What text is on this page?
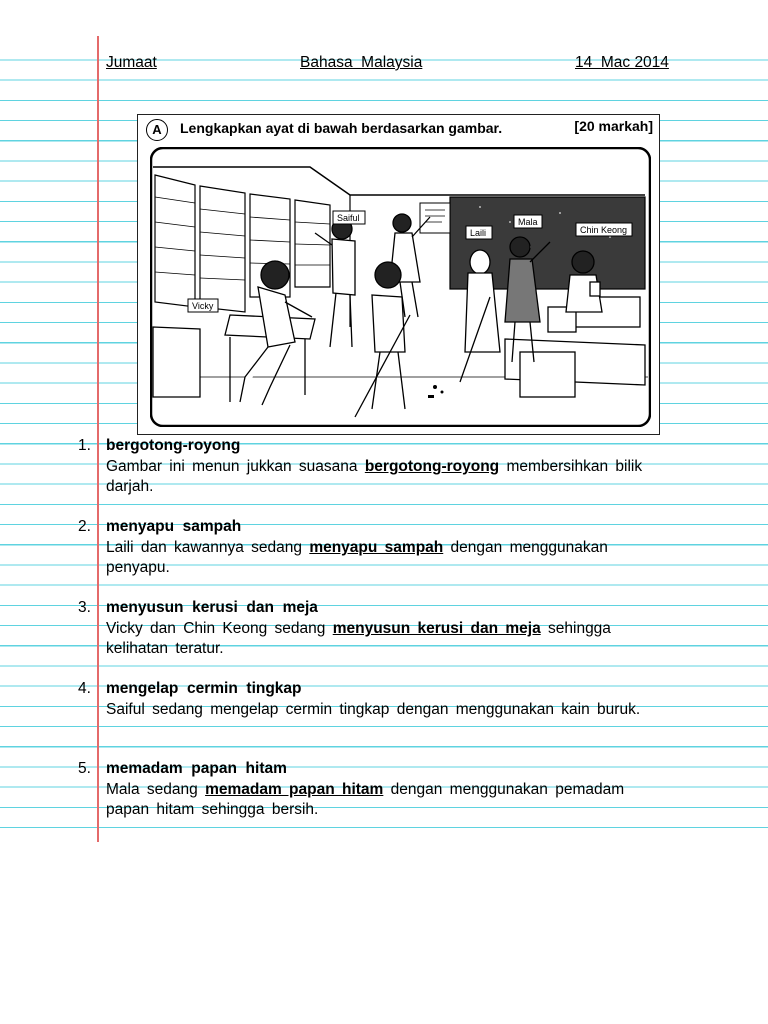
Jumaat	Bahasa  Malaysia	14  Mac 2014
A	Lengkapkan ayat di bawah berdasarkan gambar.	[20 markah]
Saiful
Laili
Mala
Chin Keong
Vicky
1. bergotong-royong
Gambar ini menun jukkan suasana bergotong-royong membersihkan bilik darjah.
2. menyapu  sampah
Laili dan kawannya sedang menyapu sampah dengan menggunakan penyapu.
3. menyusun  kerusi  dan  meja
Vicky dan Chin Keong sedang menyusun kerusi dan meja sehingga kelihatan teratur.
4. mengelap  cermin  tingkap
Saiful sedang mengelap cermin tingkap dengan menggunakan kain buruk.
5. memadam  papan  hitam
Mala sedang memadam papan hitam dengan menggunakan pemadam papan hitam sehingga bersih.
